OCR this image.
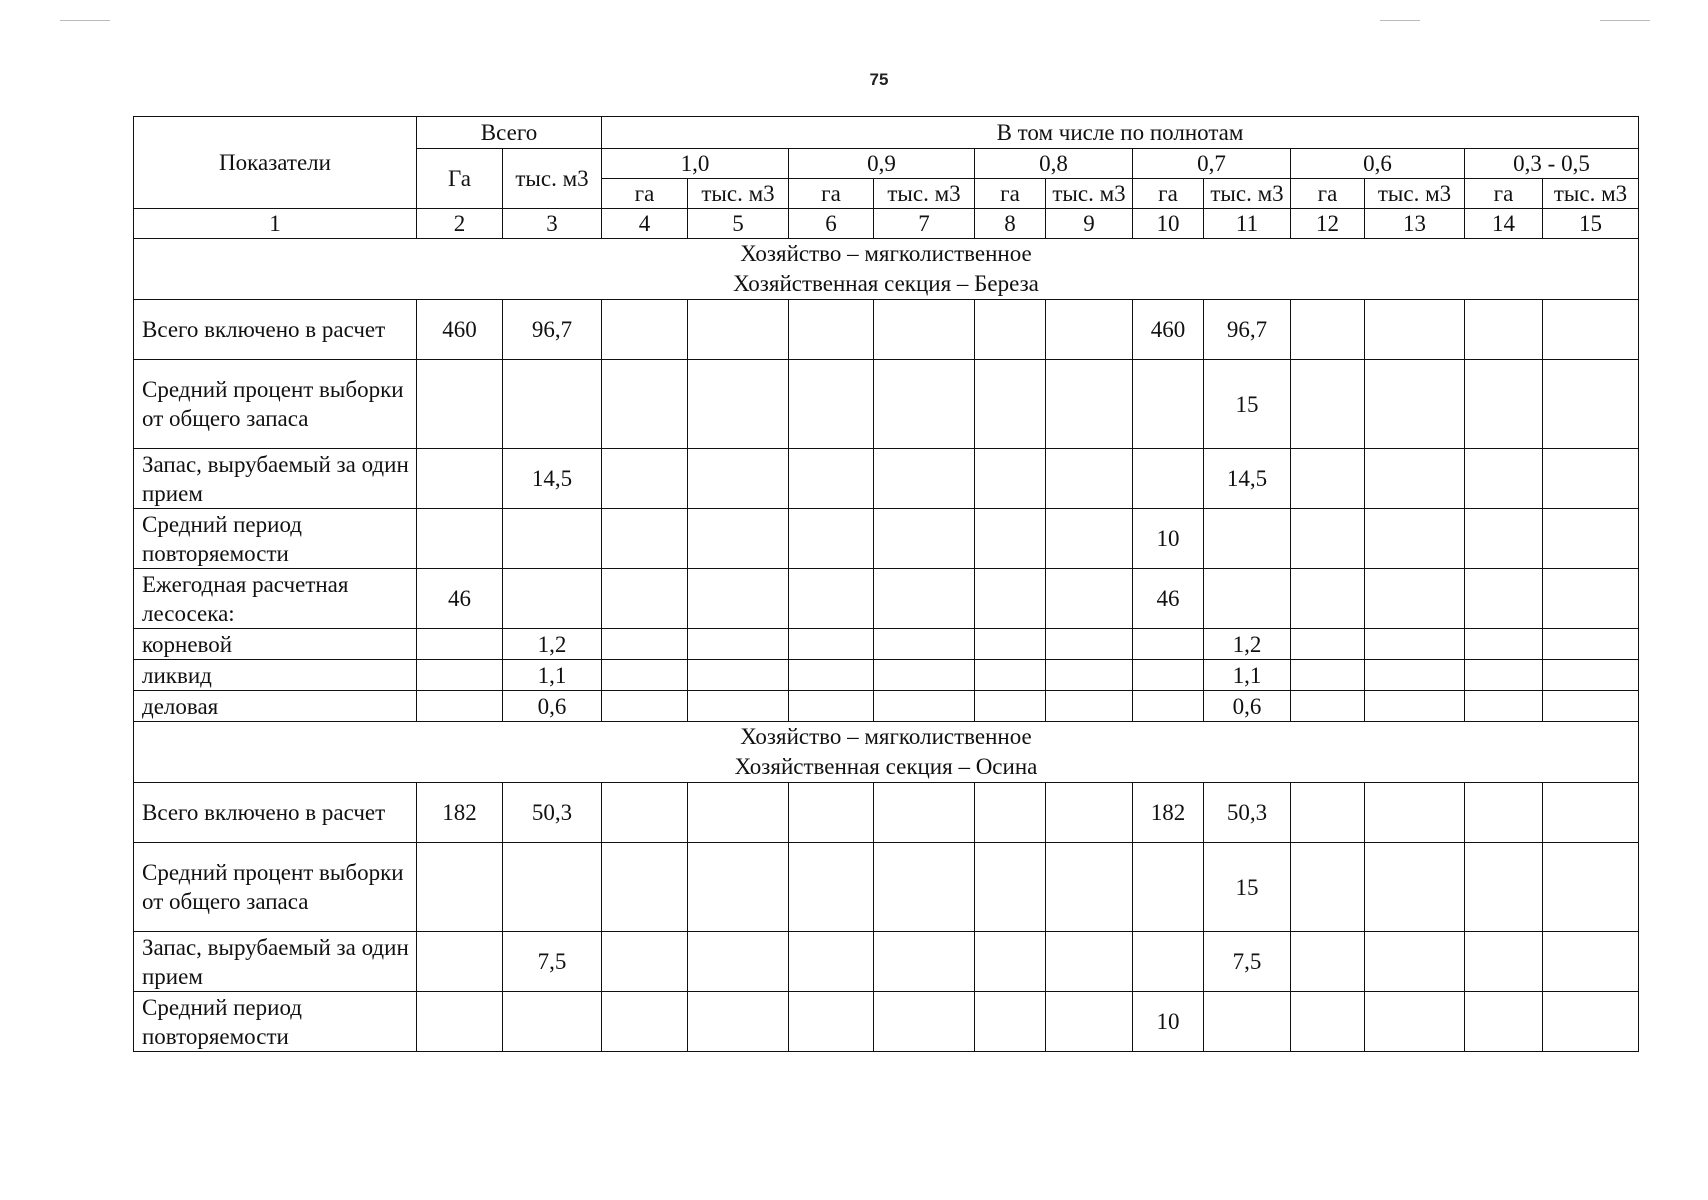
75
Показатели	Всего		В том числе по полнотам											
	Га	тыс. м3	1,0		0,9		0,8		0,7		0,6		0,3 - 0,5	
			га	тыс. м3	га	тыс. м3	га	тыс. м3	га	тыс. м3	га	тыс. м3	га	тыс. м3
1	2	3	4	5	6	7	8	9	10	11	12	13	14	15

Хозяйство – мягколиственное
Хозяйственная секция – Береза														

Всего включено в расчет	460	96,7							460	96,7				
Средний процент выборки от общего запаса										15				
Запас, вырубаемый за один прием		14,5								14,5				
Средний период повторяемости									10					
Ежегодная расчетная лесосека:	46								46					
корневой		1,2								1,2				
ликвид		1,1								1,1				
деловая		0,6								0,6				

Хозяйство – мягколиственное
Хозяйственная секция – Осина														

Всего включено в расчет	182	50,3							182	50,3				
Средний процент выборки от общего запаса										15				
Запас, вырубаемый за один прием		7,5								7,5				
Средний период повторяемости									10					
